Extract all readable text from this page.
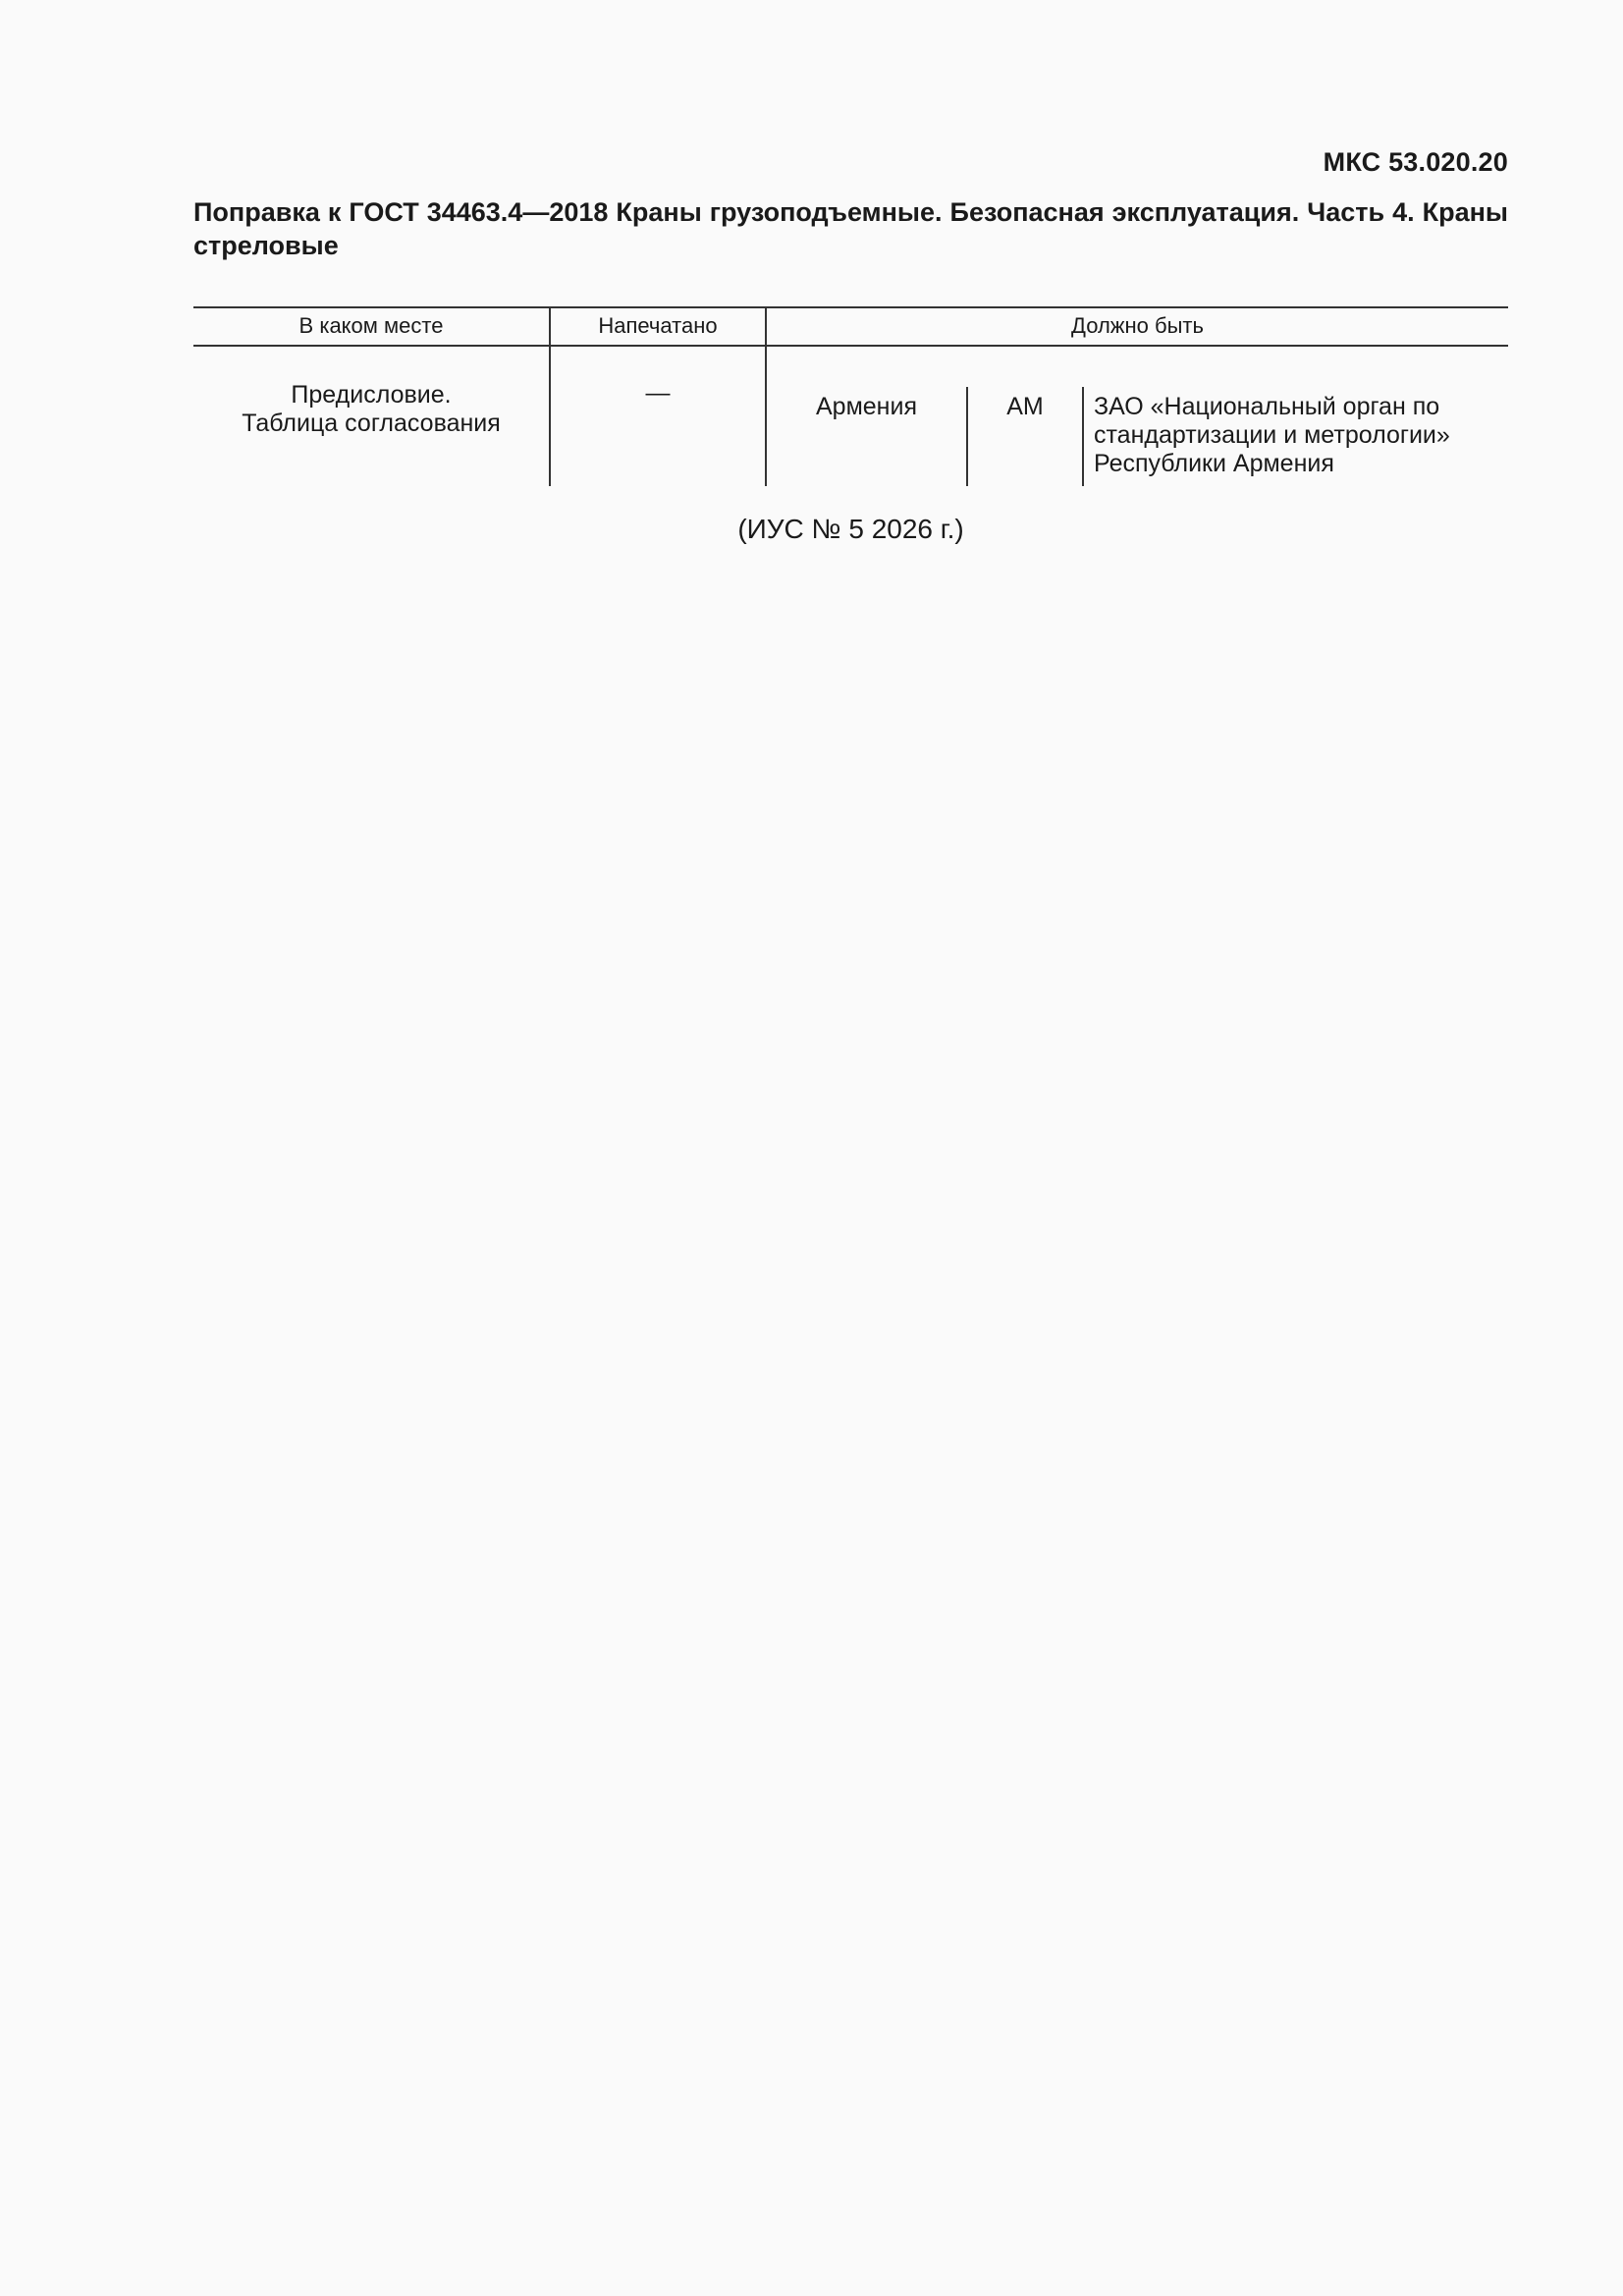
МКС 53.020.20
Поправка к ГОСТ 34463.4—2018 Краны грузоподъемные. Безопасная эксплуатация. Часть 4. Краны стреловые
В каком месте	Напечатано	Должно быть
Предисловие.
Таблица согласования
—	Армения	AM	ЗАО «Национальный орган по стандартизации и метрологии» Республики Армения
(ИУС № 5 2026 г.)
